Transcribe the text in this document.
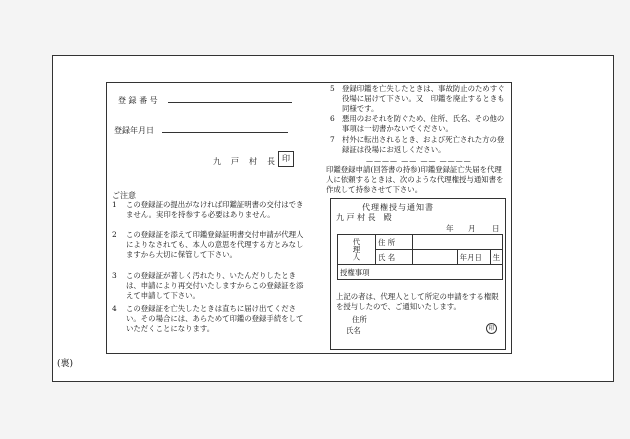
登 録 番 号
登録年月日
九　戸　村　長 印
ご注意
1	この登録証の提出がなければ印鑑証明書の交付はできません。実印を持参する必要はありません。
2	この登録証を添えて印鑑登録証明書交付申請が代理人によりなされても、本人の意思を代理する方とみなしますから大切に保管して下さい。
3	この登録証が著しく汚れたり、いたんだりしたときは、申請により再交付いたしますからこの登録証を添えて申請して下さい。
4	この登録証を亡失したときは直ちに届け出てください。その場合には、あらためて印鑑の登録手続をしていただくことになります。
5 登録印鑑を亡失したときは、事故防止のためすぐ役場に届けて下さい。又　印鑑を廃止するときも同様です。
6 悪用のおそれを防ぐため、住所、氏名、その他の事項は一切書かないでください。
7 村外に転出されるとき、および死亡された方の登録証は役場にお返しください。
———— —— —— ————
印鑑登録申請(回答書の持参)印鑑登録証亡失届を代理人に依頼するときは、次のような代理権授与通知書を作成して持参させて下さい。
代理権授与通知書
九 戸 村 長　殿
年 月 日
代理人	住 所			
	氏 名		年月日	生
授権事項				
上記の者は、代理人として所定の申請をする権限を授与したので、ご通知いたします。
住所
氏名	印
(裏)
